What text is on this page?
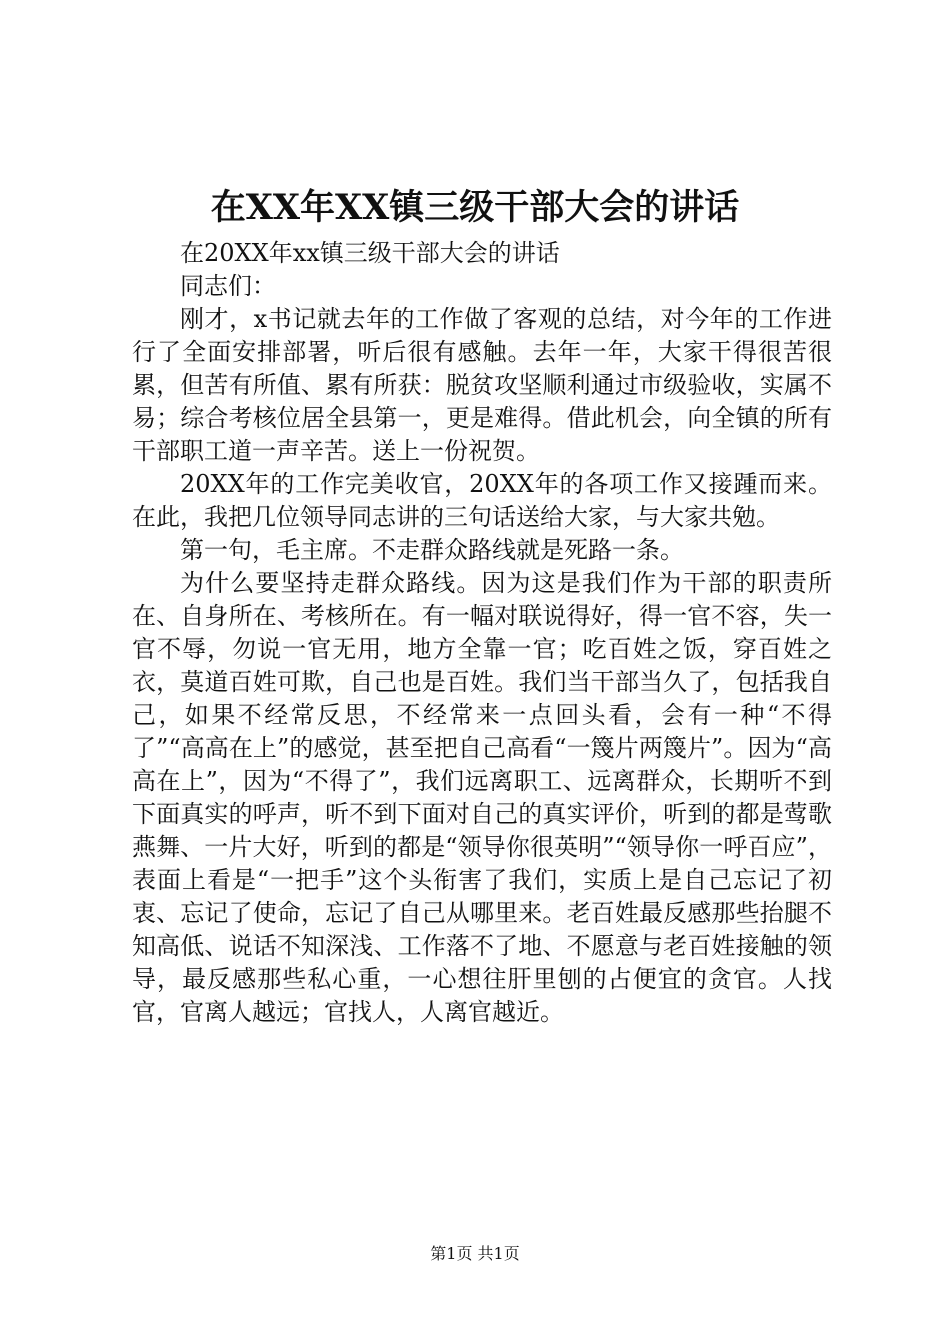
在XX年XX镇三级干部大会的讲话

在20XX年xx镇三级干部大会的讲话

同志们：

刚才，x书记就去年的工作做了客观的总结，对今年的工作进行了全面安排部署，听后很有感触。去年一年，大家干得很苦很累，但苦有所值、累有所获：脱贫攻坚顺利通过市级验收，实属不易；综合考核位居全县第一，更是难得。借此机会，向全镇的所有干部职工道一声辛苦。送上一份祝贺。

20XX年的工作完美收官，20XX年的各项工作又接踵而来。在此，我把几位领导同志讲的三句话送给大家，与大家共勉。

第一句，毛主席。不走群众路线就是死路一条。

为什么要坚持走群众路线。因为这是我们作为干部的职责所在、自身所在、考核所在。有一幅对联说得好，得一官不容，失一官不辱，勿说一官无用，地方全靠一官；吃百姓之饭，穿百姓之衣，莫道百姓可欺，自己也是百姓。我们当干部当久了，包括我自己，如果不经常反思，不经常来一点回头看，会有一种“不得了”“高高在上”的感觉，甚至把自己高看“一篾片两篾片”。因为“高高在上”，因为“不得了”，我们远离职工、远离群众，长期听不到下面真实的呼声，听不到下面对自己的真实评价，听到的都是莺歌燕舞、一片大好，听到的都是“领导你很英明”“领导你一呼百应”，表面上看是“一把手”这个头衔害了我们，实质上是自己忘记了初衷、忘记了使命，忘记了自己从哪里来。老百姓最反感那些抬腿不知高低、说话不知深浅、工作落不了地、不愿意与老百姓接触的领导，最反感那些私心重，一心想往肝里刨的占便宜的贪官。人找官，官离人越远；官找人，人离官越近。

第1页 共1页
